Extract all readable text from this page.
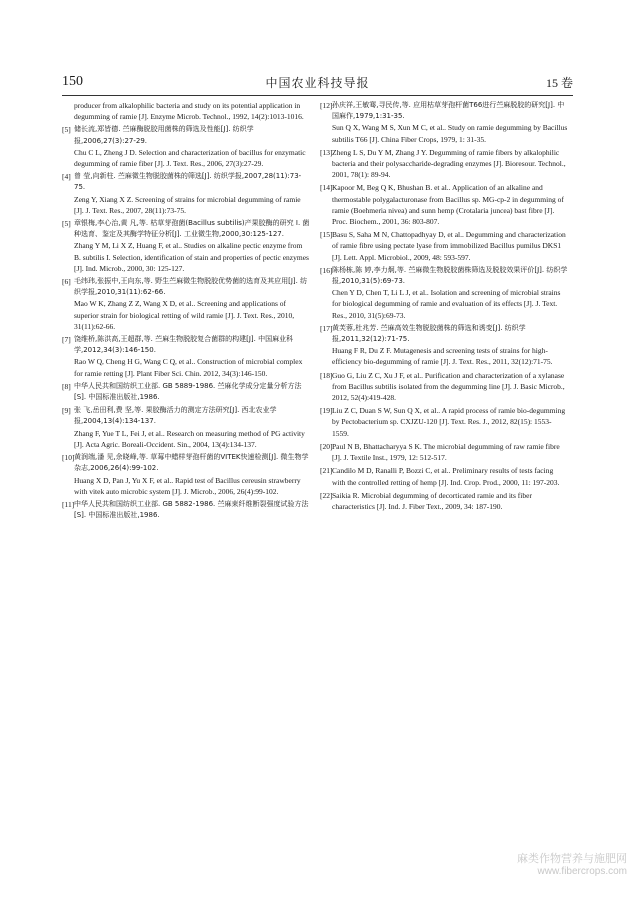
150	中国农业科技导报	15 卷
producer from alkalophilic bacteria and study on its potential application in degumming of ramie [J]. Enzyme Microb. Technol., 1992, 14(2):1013-1016.
[5] 储长流,郑皆德. 苎麻酶脱胶用菌株的筛选及性能[J]. 纺织学报,2006,27(3):27-29.
Chu C L, Zheng J D. Selection and characterization of bacillus for enzymatic degumming of ramie fiber [J]. J. Text. Res., 2006, 27(3):27-29.
[4] 曾 莹,向新柱. 苎麻微生物脱胶菌株的筛选[J]. 纺织学报,2007,28(11):73-75.
Zeng Y, Xiang X Z. Screening of strains for microbial degumming of ramie [J]. J. Text. Res., 2007, 28(11):73-75.
[5] 章银梅,李心治,黄 凡,等. 枯草芽孢菌(Bacillus subtilis)产果胶酶的研究 I. 菌种选育、鉴定及其酶学特征分析[J]. 工业微生物,2000,30:125-127.
Zhang Y M, Li X Z, Huang F, et al.. Studies on alkaline pectic enzyme from B. subtilis I. Selection, identification of stain and properties of pectic enzymes [J]. Ind. Microb., 2000, 30: 125-127.
[6] 毛纬玮,张振中,王向东,等. 野生苎麻微生物脱胶优势菌的选育及其应用[J]. 纺织学报,2010,31(11):62-66.
Mao W K, Zhang Z Z, Wang X D, et al.. Screening and applications of superior strain for biological retting of wild ramie [J]. J. Text. Res., 2010, 31(11):62-66.
[7] 饶维桥,陈洪高,王超群,等. 苎麻生物脱胶复合菌群的构建[J]. 中国麻业科学,2012,34(3):146-150.
Rao W Q, Cheng H G, Wang C Q, et al.. Construction of microbial complex for ramie retting [J]. Plant Fiber Sci. Chin. 2012, 34(3):146-150.
[8] 中华人民共和国纺织工业部. GB 5889-1986. 苎麻化学成分定量分析方法[S]. 中国标准出版社,1986.
[9] 张 飞,岳田利,费 坚,等. 果胶酶活力的测定方法研究[J]. 西北农业学报,2004,13(4):134-137.
Zhang F, Yue T L, Fei J, et al.. Research on measuring method of PG activity [J]. Acta Agric. Boreali-Occident. Sin., 2004, 13(4):134-137.
[10] 黄润端,潘 见,余晓峰,等. 草莓中蜡样芽孢杆菌的VITEK快速检测[J]. 微生物学杂志,2006,26(4):99-102.
Huang X D, Pan J, Yu X F, et al.. Rapid test of Bacillus cereusin strawberry with vitek auto microbic system [J]. J. Microb., 2006, 26(4):99-102.
[11] 中华人民共和国纺织工业部. GB 5882-1986. 苎麻束纤维断裂强度试验方法[S]. 中国标准出版社,1986.
[12] 孙庆祥,王敏骞,寻民传,等. 应用枯草芽孢杆菌T66进行苎麻脱胶的研究[J]. 中国麻作,1979,1:31-35.
Sun Q X, Wang M S, Xun M C, et al.. Study on ramie degumming by Bacillus subtilis T66 [J]. China Fiber Crops, 1979, 1: 31-35.
[13] Zheng L S, Du Y M, Zhang J Y. Degumming of ramie fibers by alkalophilic bacteria and their polysaccharide-degrading enzymes [J]. Bioresour. Technol., 2001, 78(1): 89-94.
[14] Kapoor M, Beg Q K, Bhushan B. et al.. Application of an alkaline and thermostable polygalacturonase from Bacillus sp. MG-cp-2 in degumming of ramie (Boehmeria nivea) and sunn hemp (Crotalaria juncea) bast fibre [J]. Proc. Biochem., 2001, 36: 803-807.
[15] Basu S, Saha M N, Chattopadhyay D, et al.. Degumming and characterization of ramie fibre using pectate lyase from immobilized Bacillus pumilus DKS1 [J]. Lett. Appl. Microbiol., 2009, 48: 593-597.
[16] 陈杨栋,陈 婷,李力炯,等. 苎麻微生物脱胶菌株筛选及脱胶效果评价[J]. 纺织学报,2010,31(5):69-73.
Chen Y D, Chen T, Li L J, et al.. Isolation and screening of microbial strains for biological degumming of ramie and evaluation of its effects [J]. J. Text. Res., 2010, 31(5):69-73.
[17] 黄芙蓉,杜兆芳. 苎麻高效生物脱胶菌株的筛选和诱变[J]. 纺织学报,2011,32(12):71-75.
Huang F R, Du Z F. Mutagenesis and screening tests of strains for high-efficiency bio-degumming of ramie [J]. J. Text. Res., 2011, 32(12):71-75.
[18] Guo G, Liu Z C, Xu J F, et al.. Purification and characterization of a xylanase from Bacillus subtilis isolated from the degumming line [J]. J. Basic Microb., 2012, 52(4):419-428.
[19] Liu Z C, Duan S W, Sun Q X, et al.. A rapid process of ramie bio-degumming by Pectobacterium sp. CXJZU-120 [J]. Text. Res. J., 2012, 82(15): 1553-1559.
[20] Paul N B, Bhattacharyya S K. The microbial degumming of raw ramie fibre [J]. J. Textile Inst., 1979, 12: 512-517.
[21] Candilo M D, Ranalli P, Bozzi C, et al.. Preliminary results of tests facing with the controlled retting of hemp [J]. Ind. Crop. Prod., 2000, 11: 197-203.
[22] Saikia R. Microbial degumming of decorticated ramie and its fiber characteristics [J]. Ind. J. Fiber Text., 2009, 34: 187-190.
麻类作物营养与施肥网
www.fibercrops.com
